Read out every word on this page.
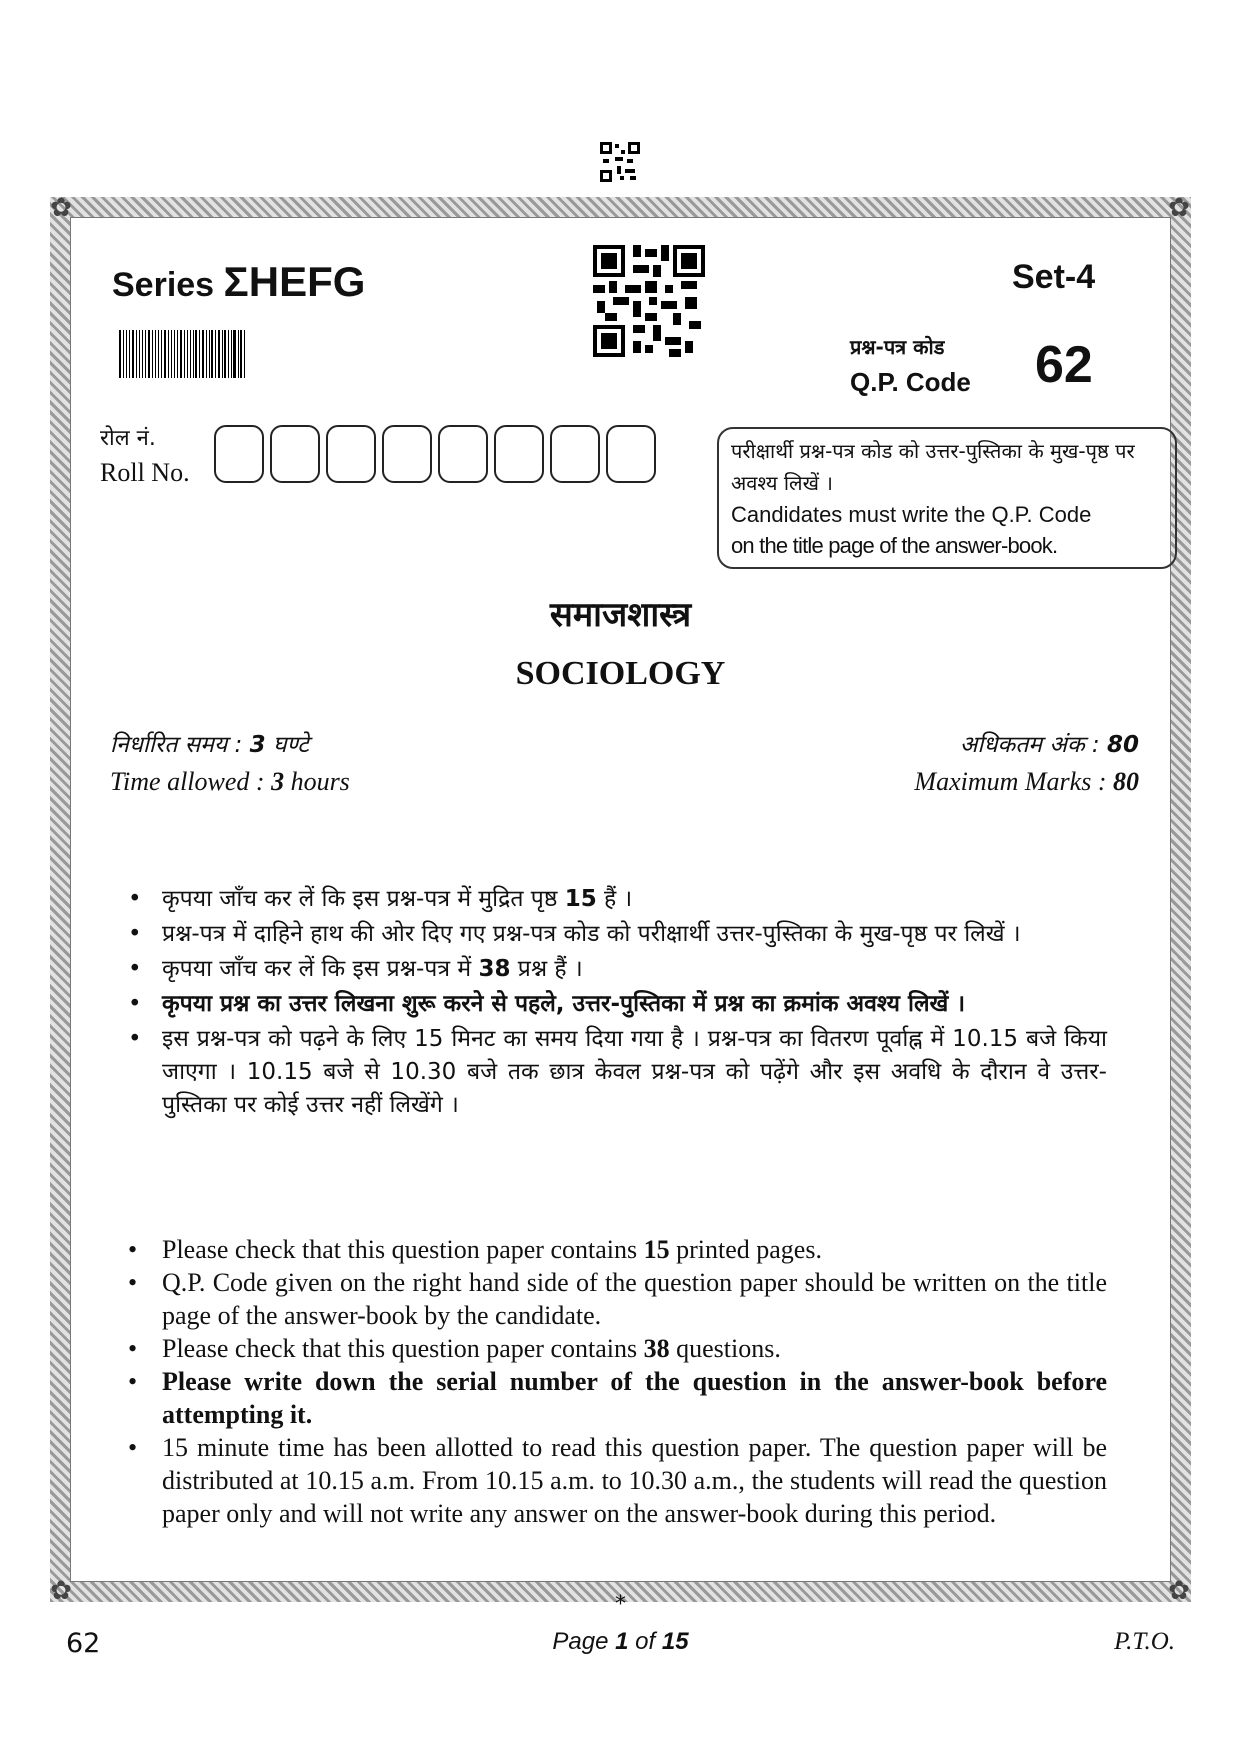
✿	✿
✿	✿
Series ΣHEFG	Set-4
प्रश्न-पत्र कोड
Q.P. Code 62
रोल नं.
Roll No.
परीक्षार्थी प्रश्न-पत्र कोड को उत्तर-पुस्तिका के मुख-पृष्ठ पर अवश्य लिखें ।
Candidates must write the Q.P. Code
on the title page of the answer-book.
समाजशास्त्र
SOCIOLOGY
निर्धारित समय : 3 घण्टे
Time allowed : 3 hours
अधिकतम अंक : 80
Maximum Marks : 80
• कृपया जाँच कर लें कि इस प्रश्न-पत्र में मुद्रित पृष्ठ 15 हैं ।
• प्रश्न-पत्र में दाहिने हाथ की ओर दिए गए प्रश्न-पत्र कोड को परीक्षार्थी उत्तर-पुस्तिका के मुख-पृष्ठ पर लिखें ।
• कृपया जाँच कर लें कि इस प्रश्न-पत्र में 38 प्रश्न हैं ।
• कृपया प्रश्न का उत्तर लिखना शुरू करने से पहले, उत्तर-पुस्तिका में प्रश्न का क्रमांक अवश्य लिखें ।
• इस प्रश्न-पत्र को पढ़ने के लिए 15 मिनट का समय दिया गया है । प्रश्न-पत्र का वितरण पूर्वाह्न में 10.15 बजे किया जाएगा । 10.15 बजे से 10.30 बजे तक छात्र केवल प्रश्न-पत्र को पढ़ेंगे और इस अवधि के दौरान वे उत्तर-पुस्तिका पर कोई उत्तर नहीं लिखेंगे ।
• Please check that this question paper contains 15 printed pages.
• Q.P. Code given on the right hand side of the question paper should be written on the title page of the answer-book by the candidate.
• Please check that this question paper contains 38 questions.
• Please write down the serial number of the question in the answer-book before attempting it.
• 15 minute time has been allotted to read this question paper. The question paper will be distributed at 10.15 a.m. From 10.15 a.m. to 10.30 a.m., the students will read the question paper only and will not write any answer on the answer-book during this period.
*
62	Page 1 of 15	P.T.O.
